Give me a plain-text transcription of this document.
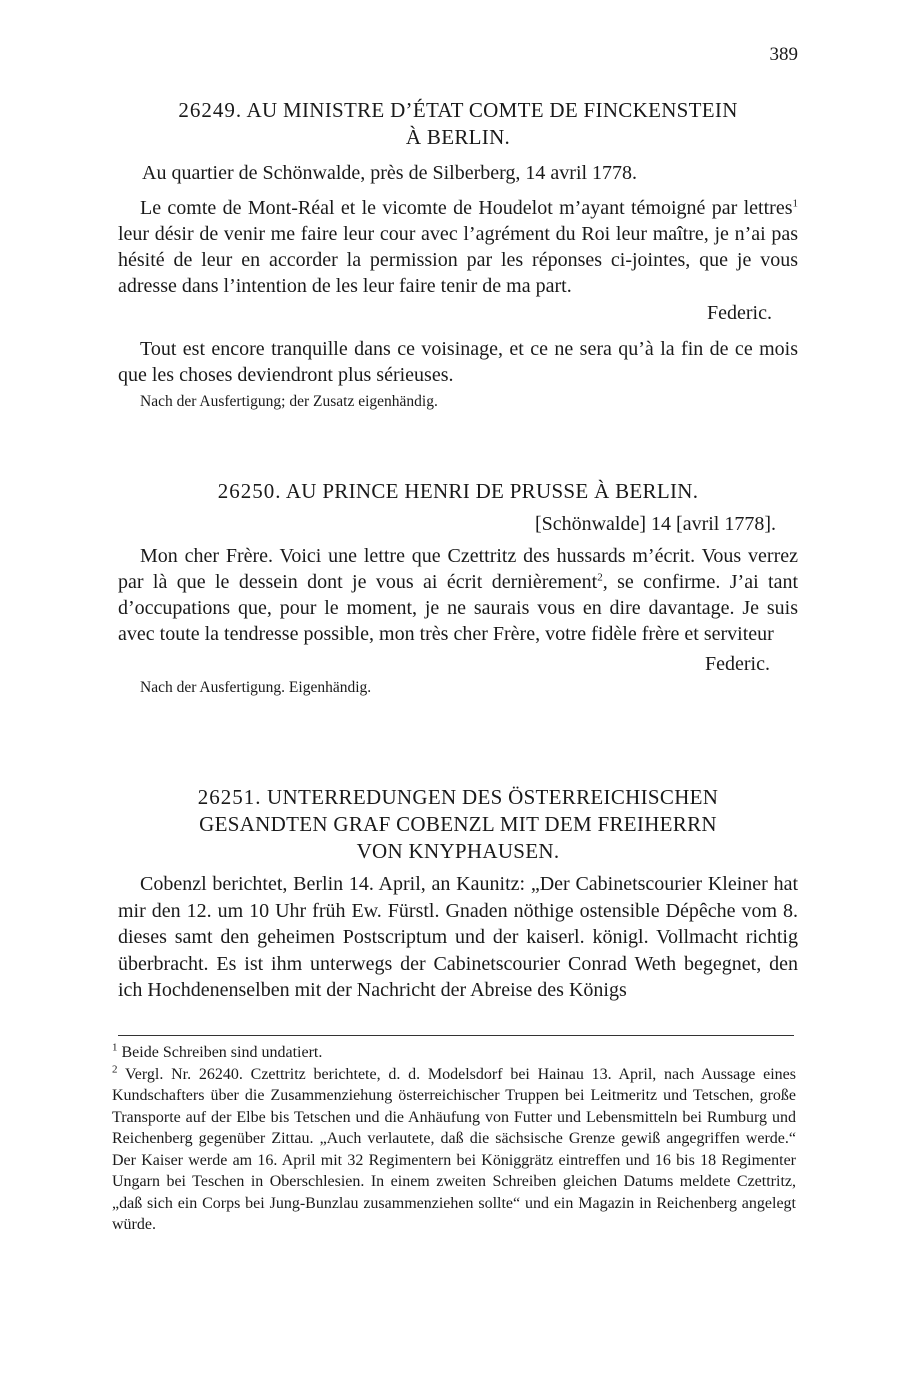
389
26249. AU MINISTRE D’ÉTAT COMTE DE FINCKENSTEIN
À BERLIN.
Au quartier de Schönwalde, près de Silberberg, 14 avril 1778.
Le comte de Mont-Réal et le vicomte de Houdelot m’ayant témoigné par lettres$^1$ leur désir de venir me faire leur cour avec l’agrément du Roi leur maître, je n’ai pas hésité de leur en accorder la permission par les réponses ci-jointes, que je vous adresse dans l’intention de les leur faire tenir de ma part.
Federic.
Tout est encore tranquille dans ce voisinage, et ce ne sera qu’à la fin de ce mois que les choses deviendront plus sérieuses.
Nach der Ausfertigung; der Zusatz eigenhändig.
26250. AU PRINCE HENRI DE PRUSSE À BERLIN.
[Schönwalde] 14 [avril 1778].
Mon cher Frère. Voici une lettre que Czettritz des hussards m’écrit. Vous verrez par là que le dessein dont je vous ai écrit dernièrement$^2$, se confirme. J’ai tant d’occupations que, pour le moment, je ne saurais vous en dire davantage. Je suis avec toute la tendresse possible, mon très cher Frère, votre fidèle frère et serviteur
Federic.
Nach der Ausfertigung. Eigenhändig.
26251. UNTERREDUNGEN DES ÖSTERREICHISCHEN
GESANDTEN GRAF COBENZL MIT DEM FREIHERRN
VON KNYPHAUSEN.
Cobenzl berichtet, Berlin 14. April, an Kaunitz: „Der Cabinetscourier Kleiner hat mir den 12. um 10 Uhr früh Ew. Fürstl. Gnaden nöthige ostensible Dépêche vom 8. dieses samt den geheimen Postscriptum und der kaiserl. königl. Vollmacht richtig überbracht. Es ist ihm unterwegs der Cabinetscourier Conrad Weth begegnet, den ich Hochdenenselben mit der Nachricht der Abreise des Königs
$^1$ Beide Schreiben sind undatiert.
$^2$ Vergl. Nr. 26240. Czettritz berichtete, d. d. Modelsdorf bei Hainau 13. April, nach Aussage eines Kundschafters über die Zusammenziehung österreichischer Truppen bei Leitmeritz und Tetschen, große Transporte auf der Elbe bis Tetschen und die Anhäufung von Futter und Lebensmitteln bei Rumburg und Reichenberg gegenüber Zittau. „Auch verlautete, daß die sächsische Grenze gewiß angegriffen werde.“ Der Kaiser werde am 16. April mit 32 Regimentern bei Königgrätz eintreffen und 16 bis 18 Regimenter Ungarn bei Teschen in Oberschlesien. In einem zweiten Schreiben gleichen Datums meldete Czettritz, „daß sich ein Corps bei Jung-Bunzlau zusammenziehen sollte“ und ein Magazin in Reichenberg angelegt würde.
